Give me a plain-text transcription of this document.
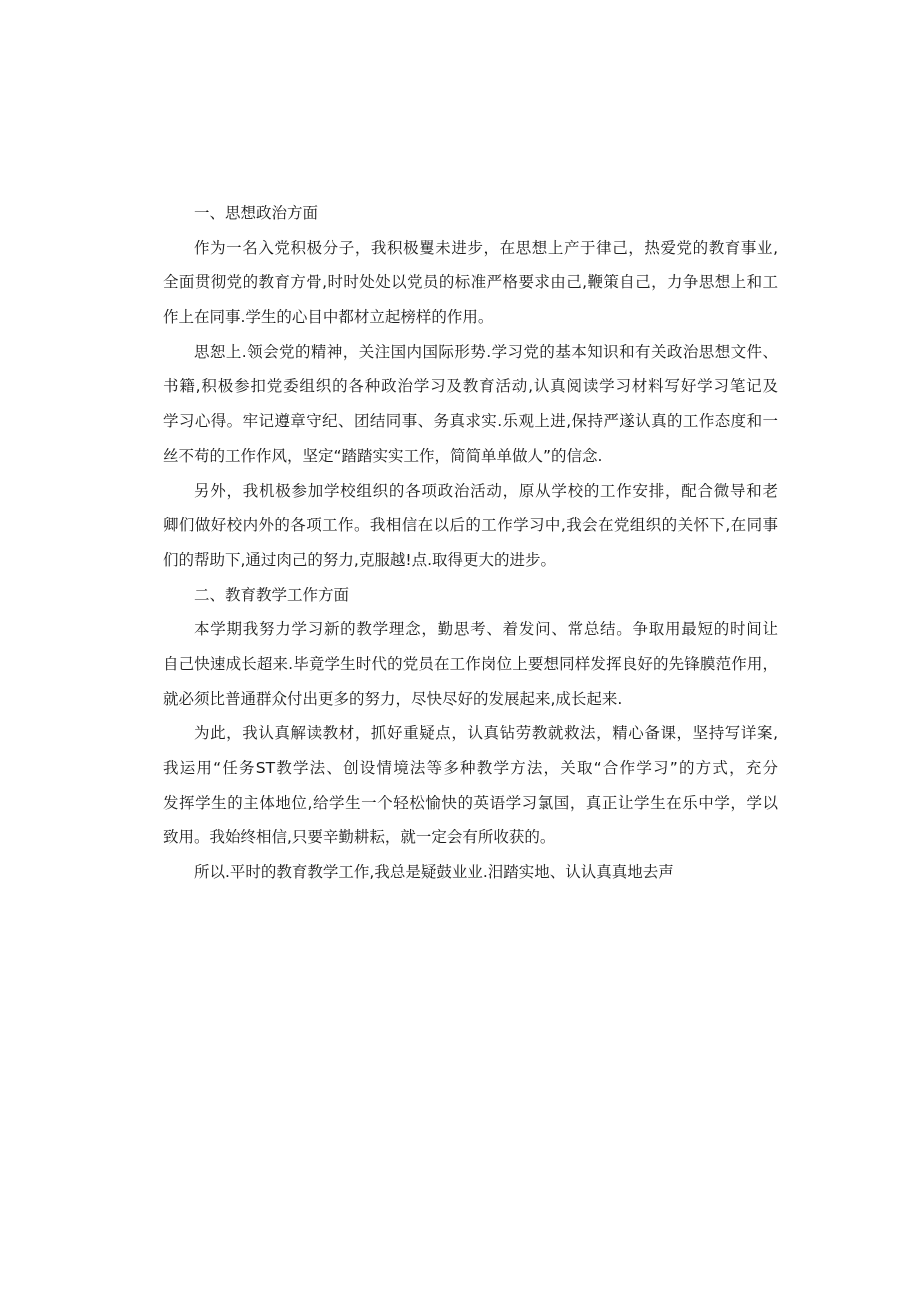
一、思想政治方面
作为一名入党积极分子，我积极矍未进步，在思想上产于律己，热爱党的教育事业,
全面贯彻党的教育方骨,时时处处以党员的标准严格要求由己,鞭策自己，力争思想上和工
作上在同事.学生的心目中都材立起榜样的作用。
思恕上.领会党的精神，关注国内国际形势.学习党的基本知识和有关政治思想文件、
书籍,积极参扣党委组织的各种政治学习及教育活动,认真阅读学习材料写好学习笔记及
学习心得。牢记遵章守纪、团结同事、务真求实.乐观上进,保持严遂认真的工作态度和一
丝不苟的工作作风，坚定“踏踏实实工作，简简单单做人”的信念.
另外，我机极参加学校组织的各项政治活动，原从学校的工作安排，配合微导和老
卿们做好校内外的各项工作。我相信在以后的工作学习中,我会在党组织的关怀下,在同事
们的帮助下,通过肉己的努力,克服越!点.取得更大的进步。
二、教育教学工作方面
本学期我努力学习新的教学理念，勤思考、着发问、常总结。争取用最短的时间让
自己快速成长超来.毕竟学生时代的党员在工作岗位上要想同样发挥良好的先锋膜范作用，
就必须比普通群众付出更多的努力，尽快尽好的发展起来,成长起来.
为此，我认真解读教材，抓好重疑点，认真钻劳教就救法，精心备课，坚持写详案,
我运用“任务ST教学法、创设情境法等多种教学方法，关取“合作学习”的方式，充分
发挥学生的主体地位,给学生一个轻松愉快的英语学习氯国，真正让学生在乐中学，学以
致用。我始终相信,只要辛勤耕耘，就一定会有所收获的。
所以.平时的教育教学工作,我总是疑鼓业业.汨踏实地、认认真真地去声
